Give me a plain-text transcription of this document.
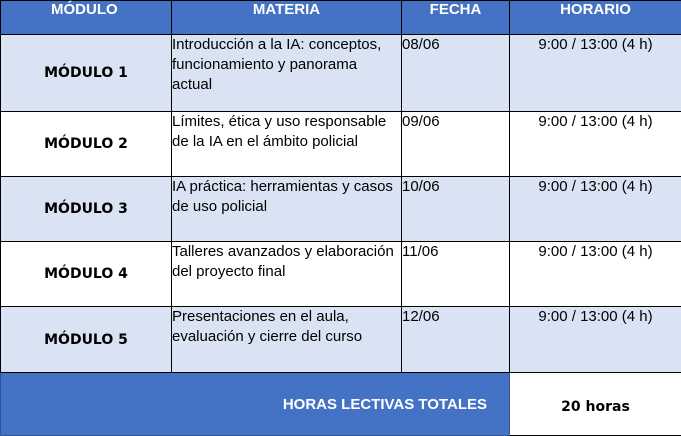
MÓDULO	MATERIA	FECHA	HORARIO
MÓDULO 1	Introducción a la IA: conceptos, funcionamiento y panorama actual	08/06	9:00 / 13:00 (4 h)
MÓDULO 2	Límites, ética y uso responsable de la IA en el ámbito policial	09/06	9:00 / 13:00 (4 h)
MÓDULO 3	IA práctica: herramientas y casos de uso policial	10/06	9:00 / 13:00 (4 h)
MÓDULO 4	Talleres avanzados y elaboración del proyecto final	11/06	9:00 / 13:00 (4 h)
MÓDULO 5	Presentaciones en el aula, evaluación y cierre del curso	12/06	9:00 / 13:00 (4 h)
HORAS LECTIVAS TOTALES			20 horas
